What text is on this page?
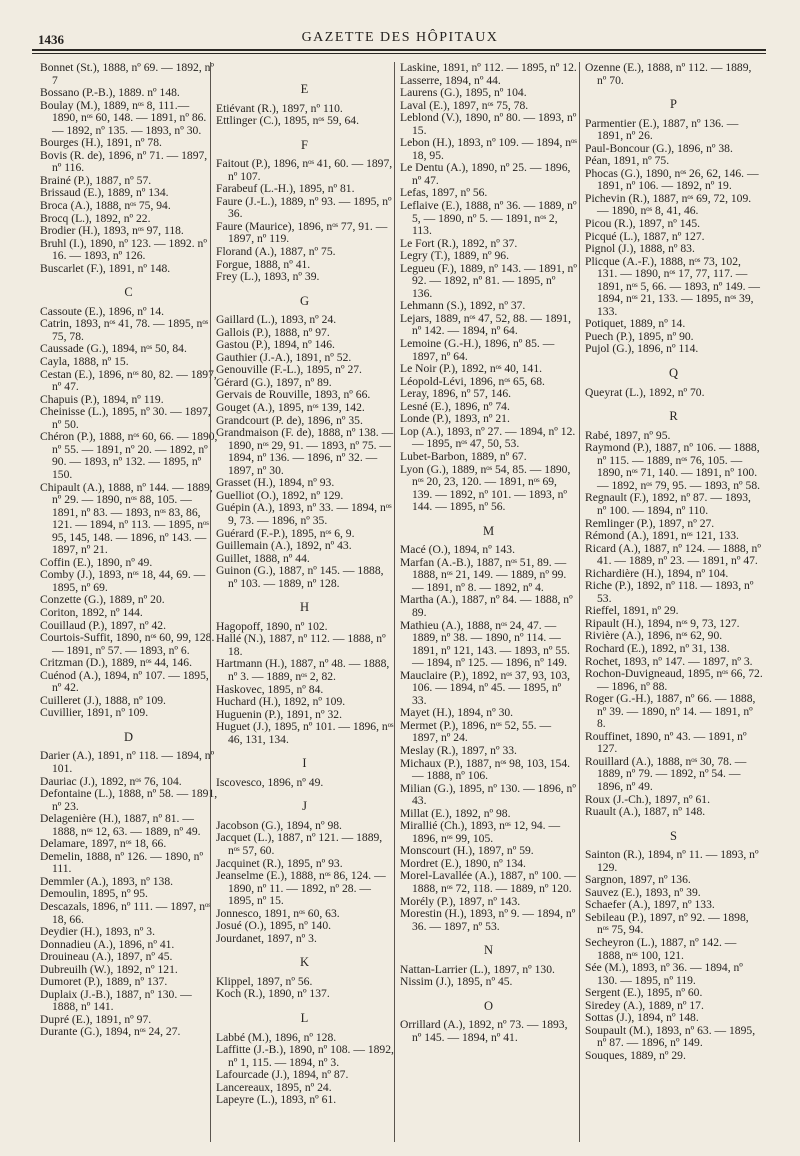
1436	GAZETTE DES HÔPITAUX
Bonnet (St.), 1888, nº 69. — 1892, nº 7
Bossano (P.-B.), 1889. nº 148.
Boulay (M.), 1889, nᵒˢ 8, 111.— 1890, nᵒˢ 60, 148. — 1891, nº 86. — 1892, nº 135. — 1893, nº 30.
Bourges (H.), 1891, nº 78.
Bovis (R. de), 1896, nº 71. — 1897, nº 116.
Brainé (P.), 1887, nº 57.
Brissaud (E.), 1889, nº 134.
Broca (A.), 1888, nᵒˢ 75, 94.
Brocq (L.), 1892, nº 22.
Brodier (H.), 1893, nᵒˢ 97, 118.
Bruhl (I.), 1890, nº 123. — 1892. nº 16. — 1893, nº 126.
Buscarlet (F.), 1891, nº 148.
C
Cassoute (E.), 1896, nº 14.
Catrin, 1893, nᵒˢ 41, 78. — 1895, nᵒˢ 75, 78.
Caussade (G.), 1894, nᵒˢ 50, 84.
Cayla, 1888, nº 15.
Cestan (E.), 1896, nᵒˢ 80, 82. — 1897, nº 47.
Chapuis (P.), 1894, nº 119.
Cheinisse (L.), 1895, nº 30. — 1897, nº 50.
Chéron (P.), 1888, nᵒˢ 60, 66. — 1890, nº 55. — 1891, nº 20. — 1892, nº 90. — 1893, nº 132. — 1895, nº 150.
Chipault (A.), 1888, nº 144. — 1889, nº 29. — 1890, nᵒˢ 88, 105. — 1891, nº 83. — 1893, nᵒˢ 83, 86, 121. — 1894, nº 113. — 1895, nᵒˢ 95, 145, 148. — 1896, nº 143. — 1897, nº 21.
Coffin (E.), 1890, nº 49.
Comby (J.), 1893, nᵒˢ 18, 44, 69. — 1895, nº 69.
Conzette (G.), 1889, nº 20.
Coriton, 1892, nº 144.
Couillaud (P.), 1897, nº 42.
Courtois-Suffit, 1890, nᵒˢ 60, 99, 128. — 1891, nº 57. — 1893, nº 6.
Critzman (D.), 1889, nᵒˢ 44, 146.
Cuénod (A.), 1894, nº 107. — 1895, nº 42.
Cuilleret (J.), 1888, nº 109.
Cuvillier, 1891, nº 109.
D
Darier (A.), 1891, nº 118. — 1894, nº 101.
Dauriac (J.), 1892, nᵒˢ 76, 104.
Defontaine (L.), 1888, nº 58. — 1891, nº 23.
Delagenière (H.), 1887, nº 81. — 1888, nᵒˢ 12, 63. — 1889, nº 49.
Delamare, 1897, nᵒˢ 18, 66.
Demelin, 1888, nº 126. — 1890, nº 111.
Demmler (A.), 1893, nº 138.
Demoulin, 1895, nº 95.
Descazals, 1896, nº 111. — 1897, nᵒˢ 18, 66.
Deydier (H.), 1893, nº 3.
Donnadieu (A.), 1896, nº 41.
Drouineau (A.), 1897, nº 45.
Dubreuilh (W.), 1892, nº 121.
Dumoret (P.), 1889, nº 137.
Duplaix (J.-B.), 1887, nº 130. — 1888, nº 141.
Dupré (E.), 1891, nº 97.
Durante (G.), 1894, nᵒˢ 24, 27.
E
Etiévant (R.), 1897, nº 110.
Ettlinger (C.), 1895, nᵒˢ 59, 64.
F
Faitout (P.), 1896, nᵒˢ 41, 60. — 1897, nº 107.
Farabeuf (L.-H.), 1895, nº 81.
Faure (J.-L.), 1889, nº 93. — 1895, nº 36.
Faure (Maurice), 1896, nᵒˢ 77, 91. — 1897, nº 119.
Florand (A.), 1887, nº 75.
Forgue, 1888, nº 41.
Frey (L.), 1893, nº 39.
G
Gaillard (L.), 1893, nº 24.
Gallois (P.), 1888, nº 97.
Gastou (P.), 1894, nº 146.
Gauthier (J.-A.), 1891, nº 52.
Genouville (F.-L.), 1895, nº 27.
Gérard (G.), 1897, nº 89.
Gervais de Rouville, 1893, nº 66.
Gouget (A.), 1895, nᵒˢ 139, 142.
Grandcourt (P. de), 1896, nº 35.
Grandmaison (F. de), 1888, nº 138. — 1890, nᵒˢ 29, 91. — 1893, nº 75. — 1894, nº 136. — 1896, nº 32. — 1897, nº 30.
Grasset (H.), 1894, nº 93.
Guelliot (O.), 1892, nº 129.
Guépin (A.), 1893, nº 33. — 1894, nᵒˢ 9, 73. — 1896, nº 35.
Guérard (F.-P.), 1895, nᵒˢ 6, 9.
Guillemain (A.), 1892, nº 43.
Guillet, 1888, nº 44.
Guinon (G.), 1887, nº 145. — 1888, nº 103. — 1889, nº 128.
H
Hagopoff, 1890, nº 102.
Hallé (N.), 1887, nº 112. — 1888, nº 18.
Hartmann (H.), 1887, nº 48. — 1888, nº 3. — 1889, nᵒˢ 2, 82.
Haskovec, 1895, nº 84.
Huchard (H.), 1892, nº 109.
Huguenin (P.), 1891, nº 32.
Huguet (J.), 1895, nº 101. — 1896, nᵒˢ 46, 131, 134.
I
Iscovesco, 1896, nº 49.
J
Jacobson (G.), 1894, nº 98.
Jacquet (L.), 1887, nº 121. — 1889, nᵒˢ 57, 60.
Jacquinet (R.), 1895, nº 93.
Jeanselme (E.), 1888, nᵒˢ 86, 124. — 1890, nº 11. — 1892, nº 28. — 1895, nº 15.
Jonnesco, 1891, nᵒˢ 60, 63.
Josué (O.), 1895, nº 140.
Jourdanet, 1897, nº 3.
K
Klippel, 1897, nº 56.
Koch (R.), 1890, nº 137.
L
Labbé (M.), 1896, nº 128.
Laffitte (J.-B.), 1890, nº 108. — 1892, nº 1, 115. — 1894, nº 3.
Lafourcade (J.), 1894, nº 87.
Lancereaux, 1895, nº 24.
Lapeyre (L.), 1893, nº 61.
Laskine, 1891, nº 112. — 1895, nº 12.
Lasserre, 1894, nº 44.
Laurens (G.), 1895, nº 104.
Laval (E.), 1897, nᵒˢ 75, 78.
Leblond (V.), 1890, nº 80. — 1893, nº 15.
Lebon (H.), 1893, nº 109. — 1894, nᵒˢ 18, 95.
Le Dentu (A.), 1890, nº 25. — 1896, nº 47.
Lefas, 1897, nº 56.
Leflaive (E.), 1888, nº 36. — 1889, nº 5, — 1890, nº 5. — 1891, nᵒˢ 2, 113.
Le Fort (R.), 1892, nº 37.
Legry (T.), 1889, nº 96.
Legueu (F.), 1889, nº 143. — 1891, nº 92. — 1892, nº 81. — 1895, nº 136.
Lehmann (S.), 1892, nº 37.
Lejars, 1889, nᵒˢ 47, 52, 88. — 1891, nº 142. — 1894, nº 64.
Lemoine (G.-H.), 1896, nº 85. — 1897, nº 64.
Le Noir (P.), 1892, nᵒˢ 40, 141.
Léopold-Lévi, 1896, nᵒˢ 65, 68.
Leray, 1896, nº 57, 146.
Lesné (E.), 1896, nº 74.
Londe (P.), 1893, nº 21.
Lop (A.), 1893, nº 27. — 1894, nº 12. — 1895, nᵒˢ 47, 50, 53.
Lubet-Barbon, 1889, nº 67.
Lyon (G.), 1889, nᵒˢ 54, 85. — 1890, nᵒˢ 20, 23, 120. — 1891, nᵒˢ 69, 139. — 1892, nº 101. — 1893, nº 144. — 1895, nº 56.
M
Macé (O.), 1894, nº 143.
Marfan (A.-B.), 1887, nᵒˢ 51, 89. — 1888, nᵒˢ 21, 149. — 1889, nº 99. — 1891, nº 8. — 1892, nº 4.
Martha (A.), 1887, nº 84. — 1888, nº 89.
Mathieu (A.), 1888, nᵒˢ 24, 47. — 1889, nº 38. — 1890, nº 114. — 1891, nº 121, 143. — 1893, nº 55. — 1894, nº 125. — 1896, nº 149.
Mauclaire (P.), 1892, nᵒˢ 37, 93, 103, 106. — 1894, nº 45. — 1895, nº 33.
Mayet (H.), 1894, nº 30.
Mermet (P.), 1896, nᵒˢ 52, 55. — 1897, nº 24.
Meslay (R.), 1897, nº 33.
Michaux (P.), 1887, nᵒˢ 98, 103, 154. — 1888, nº 106.
Milian (G.), 1895, nº 130. — 1896, nº 43.
Millat (E.), 1892, nº 98.
Mirallié (Ch.), 1893, nᵒˢ 12, 94. — 1896, nᵒˢ 99, 105.
Monscourt (H.), 1897, nº 59.
Mordret (E.), 1890, nº 134.
Morel-Lavallée (A.), 1887, nº 100. — 1888, nᵒˢ 72, 118. — 1889, nº 120.
Morély (P.), 1897, nº 143.
Morestin (H.), 1893, nº 9. — 1894, nº 36. — 1897, nº 53.
N
Nattan-Larrier (L.), 1897, nº 130.
Nissim (J.), 1895, nº 45.
O
Orrillard (A.), 1892, nº 73. — 1893, nº 145. — 1894, nº 41.
Ozenne (E.), 1888, nº 112. — 1889, nº 70.
P
Parmentier (E.), 1887, nº 136. — 1891, nº 26.
Paul-Boncour (G.), 1896, nº 38.
Péan, 1891, nº 75.
Phocas (G.), 1890, nᵒˢ 26, 62, 146. — 1891, nº 106. — 1892, nº 19.
Pichevin (R.), 1887, nᵒˢ 69, 72, 109. — 1890, nᵒˢ 8, 41, 46.
Picou (R.), 1897, nº 145.
Picqué (L.), 1887, nº 127.
Pignol (J.), 1888, nº 83.
Plicque (A.-F.), 1888, nᵒˢ 73, 102, 131. — 1890, nᵒˢ 17, 77, 117. — 1891, nᵒˢ 5, 66. — 1893, nº 149. — 1894, nᵒˢ 21, 133. — 1895, nᵒˢ 39, 133.
Potiquet, 1889, nº 14.
Puech (P.), 1895, nº 90.
Pujol (G.), 1896, nº 114.
Q
Queyrat (L.), 1892, nº 70.
R
Rabé, 1897, nº 95.
Raymond (P.), 1887, nº 106. — 1888, nº 115. — 1889, nᵒˢ 76, 105. — 1890, nᵒˢ 71, 140. — 1891, nº 100. — 1892, nᵒˢ 79, 95. — 1893, nº 58.
Regnault (F.), 1892, nº 87. — 1893, nº 100. — 1894, nº 110.
Remlinger (P.), 1897, nº 27.
Rémond (A.), 1891, nᵒˢ 121, 133.
Ricard (A.), 1887, nº 124. — 1888, nº 41. — 1889, nº 23. — 1891, nº 47.
Richardière (H.), 1894, nº 104.
Riche (P.), 1892, nº 118. — 1893, nº 53.
Rieffel, 1891, nº 29.
Ripault (H.), 1894, nᵒˢ 9, 73, 127.
Rivière (A.), 1896, nᵒˢ 62, 90.
Rochard (E.), 1892, nº 31, 138.
Rochet, 1893, nº 147. — 1897, nº 3.
Rochon-Duvigneaud, 1895, nᵒˢ 66, 72. — 1896, nº 88.
Roger (G.-H.), 1887, nº 66. — 1888, nº 39. — 1890, nº 14. — 1891, nº 8.
Rouffinet, 1890, nº 43. — 1891, nº 127.
Rouillard (A.), 1888, nᵒˢ 30, 78. — 1889, nº 79. — 1892, nº 54. — 1896, nº 49.
Roux (J.-Ch.), 1897, nº 61.
Ruault (A.), 1887, nº 148.
S
Sainton (R.), 1894, nº 11. — 1893, nº 129.
Sargnon, 1897, nº 136.
Sauvez (E.), 1893, nº 39.
Schaefer (A.), 1897, nº 133.
Sebileau (P.), 1897, nº 92. — 1898, nᵒˢ 75, 94.
Secheyron (L.), 1887, nº 142. — 1888, nᵒˢ 100, 121.
Sée (M.), 1893, nº 36. — 1894, nº 130. — 1895, nº 119.
Sergent (E.), 1895, nº 60.
Siredey (A.), 1889, nº 17.
Sottas (J.), 1894, nº 148.
Soupault (M.), 1893, nº 63. — 1895, nº 87. — 1896, nº 149.
Souques, 1889, nº 29.
